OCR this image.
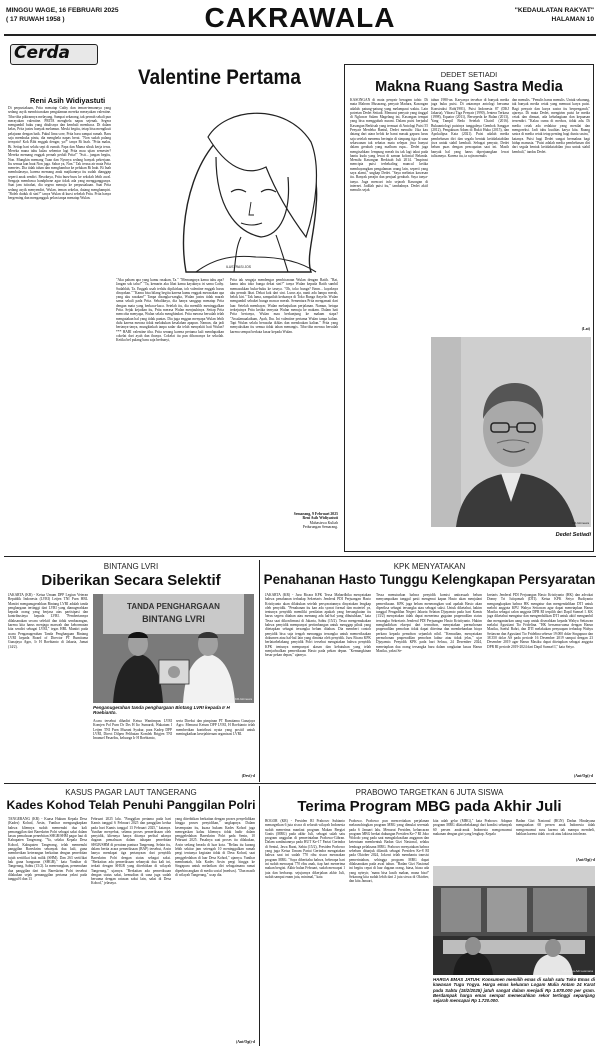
MINGGU WAGE, 16 FEBRUARI 2025
( 17 RUWAH 1958 )	CAKRAWALA	"KEDAULATAN RAKYAT"
HALAMAN 10
Cerda
Valentine Pertama
Reni Asih Widiyastuti
Di perpustakaan, Prita menatap Cathy dan teman-temannya yang sedang asyik membicarakan pengalaman mereka merayakan valentine. Tiba-tiba pikirannya melayang. Sampai sekarang, tak pernah sekali pun merayakan valentine. PRITA menghela napas sejenak. Segera mengambil buku yang ditulisnya dan kembali membaca. Di dalam kelas, Prita justru banyak melamun. Meski begitu, tetap bisa mengikuti pelajaran dengan baik. Pukul lima sore, Prita baru sampai rumah. Baru saja membuka pintu, dia menghela napas berat. "Non sudah pulang ternyata? Kok Bibi enggak dengar, ya?" tanya Bi Inah. "Prita malas, Bi. Setiap hari selalu sepi di rumah. Papa dan Mama sibuk kerja terus. Mereka mana tahu kalau sebentar lagi Prita mau ujian semester? Mereka memang enggak pernah peduli Prita!" "Sstt... jangan begitu, Non. Mungkin memang Tuan dan Nyonya sedang banyak pekerjaan. Itu semua kan buat Non juga. Sabar ya, Non." Tak terasa air mata Prita menetes. Dia tidak tahan dan menghambur ke pelukan Bi Inah. Bi Inah membalasnya, karena memang anak majikannya itu sudah dianggap seperti anak sendiri. Besoknya, Prita buru-buru ke sekolah lebih awal. Sengaja membawa handphone agar tidak ada yang mengganggunya. Saat jam istirahat, dia segera menuju ke perpustakaan. Saat Prita sedang asyik menyendiri, Wulan, teman sekelas, datang menghampiri. "Boleh duduk di sini?" tanya Wulan di kursi sebelah Prita. Prita hanya bergeming dan mengangguk pelan tanpa menatap Wulan.
ILUSTRASI JOS
"Aku paham apa yang kamu rasakan, Ta." "Memangnya kamu tahu apa? Jangan sok tahu!" "Ta, kemarin aku lihat kamu kayaknya iri sama Cathy. Sudahlah, Ta. Enggak usah terlalu dipikirkan, toh valentine enggak harus dirayakan." "Kamu bisa bilang begitu karena kamu enggak merasakan apa yang aku rasakan!" Tanpa disangka-sangka, Wulan justru tidak marah sama sekali pada Prita. Sebaliknya, dia hanya sanggup menatap Prita dengan mata yang berkaca-kaca. Setelah itu, dia memilih meninggalkan Prita. Sejak kejadian itu, Prita merasa Wulan menjauhinya. Setiap Prita mencoba menyapa, Wulan selalu menghindari. Prita merasa bersalah telah mengatakan hal yang tidak pantas. Dia juga enggan menyapa Wulan lebih dulu karena merasa tidak melakukan kesalahan apapun. Namun, dia jadi bertanya-tanya, mungkinkah tanpa sadar dia telah menyakiti hati Wulan? *** HARI valentine tiba. Prita senang karena pertama kali mendapatkan cokelat dari ayah dan ibunya. Cokelat itu pun dibawanya ke sekolah. Ketika bel pulang baru saja berbunyi,
Prita tak sengaja mendengar pembicaraan Wulan dengan Ratih. "Rat, kamu tahu toko bunga dekat sini?" tanya Wulan kepada Ratih sambil memasukkan buku-buku ke tasnya. "Oh, toko bunga? Emm... kayaknya aku pernah lihat. Dekat kok dari sini. Lurus aja, nanti ada lampu merah, belok kiri." Tak lama, sampailah keduanya di Toko Bunga Anyelir. Wulan mengambil sebuket bunga mawar merah. Sementara Prita mengamati dari luar. Setelah membayar, Wulan melanjutkan perjalanan. Namun, betapa terkejutnya Prita ketika ternyata Wulan menuju ke makam. Dalam hati Prita bertanya, Wulan mau berkunjung ke makam siapa? "Assalamualaikum, Ayah, Ibu. Ini valentine pertama Wulan tanpa kalian. Tapi Wulan selalu berusaha ikhlas dan mendoakan kalian." Prita yang menyaksikan itu semua tidak tahan menangis. Tiba-tiba merasa bersalah karena sempat berkata kasar kepada Wulan.
Semarang, 9 Februari 2025
Reni Asih Widiyastuti
Mahasiswa Kuliah
Pedurungan Semarang.
DEDET SETIADI
Makna Ruang Sastra Media
KASONGAN di mata penyair beragam tafsir. Di mata Malrom Musarang, penyair Madura, Kasongan adalah: patung-patung yang melampaui waktu. Lain potretan Dedet Setiadi. Menurut penyair yang tinggal di Ngluwar Salam Magelang ini, Kasongan tempat yang bisa menggubah nurani. Dalam puisi berjudul Kasongan Berkisah yang termuat di Antologi Puisi 55 Penyair Merdeka Bantul, Dedet menulis: Jika kau datang dari utara belok ke barat masuk gapura lurus saja setelah menemu beringin di simpang tiga di sana sekawanan tak sebatas mata selepas jiwa hanyut dalam gerabah yang mafhum rupa... Dedet juga mengisahkan: lempung merah itu tak lagi takut pada hantu kuda yang lewat di zaman kolonial Belanda. Memilu Kasongan Berkisah Juli 2014. "Inspirasi mencipta puisi terbekaling muncul ketika membayangkan pengalaman orang lain, seperti yang saya alami," ungkap Dedet. "Saya melintas kawasan itu. Banyak perajin dan penjual gerabah. Saya tanya-tanya. Juga mencari info sejarah Kasongan di internet. Jadilah puisi itu," tambahnya. Dedet aktif menulis sejak
tahun 1980-an. Karyanya tersebar di banyak media juga buku puisi. Di antaranya antologi bersama Konstruksi Roh(1981), Puisi Indonesia 87 (DKJ Jakarta), Vibrasi Tiga Penyair (1990), Jentera Terkasa (1998), Equator (2011), Bersepeda ke Bulan (2013), Yang Tampil Beda Setelah Chairil (2016). Bukuantologi puisinya tunggalnya Gembok Sanggar (2012), Pengakuan Adam di Bukit Huka (2015), dan Apokalipsa Kata (2021). Puisi adalah media pembebasan diri dan segala bentuk ketidakstabilan jiwa untuk stabil kembali. Sebagai penyair, Dedet belum puas dengan pencapaian saat ini. Masih banyak hal yang harus diperjuangkan lewat tulisannya. Karena itu, ia rajin menulis
dan menulis. "Penulis harus menulis. Untuk sekarang, tak banyak media cetak yang memuat karya puisi. Bagi penyair dan karya sastra itu berpengaruh," ujarnya. Di mata Dedet, mengirim puisi ke media cetak dan dimuat, ada kebahagiaan dan kepuasan tersendiri. "Kalau cuma di medsos, tidak ada. Di media cetak ada redaktur yang menilai dan mengoreksi. Jadi tahu kualitas karya kita. Ruang sastra di media cetak tetap penting bagi dunia sastra," katanya. Puisi bagi Dedet sangat bermakna bagi hidup manusia. "Puisi adalah media pembebasan diri dari segala bentuk ketidakstabilan jiwa untuk stabil kembali," tandas Dedet.
(Lat)
KR-Istimewa
Dedet Setiadi
BINTANG LVRI
Diberikan Secara Selektif
JAKARTA (KR) - Ketua Umum DPP Legiun Veteran Republik Indonesia (LVRI) Letjen TNI Purn HBL Mantiri menganugerahkan Bintang LVRI adalah tanda penghargaan tertinggi dari LVRI yang dianugerahkan kepada orang yang berjasa atas partisipasi dan kontribusinya kepada LVRI. "Pemberiannya dilaksanakan secara selektif dan tidak sembarangan, karena kita harus menjaga marwah dan kehormatan kita sendiri sebagai LVRI," tegas HBL Mantiri pada acara Penganugerahan Tanda Penghargaan Bintang LVRI kepada Board of Director PT Bumitama Gunajaya Agro, Ir H Roebianto di Jakarta, Jumat (14/2).
TANDA PENGHARGAAN
BINTANG LVRI
KR-Istimewa
Penganugerahan tanda penghargaan Bintang LVRI kepada Ir H Roebianto.
Acara tersebut dihadiri Ketua Wantimpus LVRI Komjen Pol Purn Dr Drs H Ito Sumardi, Wakatum I Letjen TNI Purn Muzani Syukur, para Kadep DPP LVRI, Direct Dilpen Pelibatan Komlek Brigjen TNI Imanuel Pasaribu, keluarga Ir H Roebianto,
serta Direksi dan pimpinan PT Bumitama Gunajaya Agro. Menurut Ketum DPP LVRI, H Roebianto telah memberikan kontribusi nyata yang positif untuk meningkatkan kesejahteraan organisasi LVRI.
(Devi)-d
KPK MENYATAKAN
Penahanan Hasto Tunggu Kelengkapan Persyaratan
JAKARTA (KR) - Juru Bicara KPK Tessa Mahardhika menyatakan bahwa penahanan terhadap Sekretaris Jenderal PDI Perjuangan Hasto Kristiyanto akan dilakukan setelah persyaratannya dinyatakan lengkap oleh penyidik. "Penahanan itu kan ada syarat formal dan materiel ya, tentunya penyidik memiliki penilaian apakah yang bersangkutan itu harus segera ditahan atau memang ada hal-hal yang dibutuhkan," kata Tessa saat dikonfirmasi di Jakarta, Sabtu (15/2). Tessa mengemukakan bahwa penyidik mempunyai pertimbangan untuk menggap pihak yang ditetapkan sebagai tersangka belum ditahan. Dia memberi contoh penyidik bisa saja tengah menunggu tersangka untuk memeriksakan dokumen atau hal-hal lain yang diminta oleh penyidik. Juru Bicara KPK berlatarbelakang penyidik Polri tersebut mengatakan bahwa penyidik KPK tentunya mempunyai alasan dan kebutuhan yang telah menjadwalkan pemeriksaan Hasto pada pekan depan. "Kemungkinan besar pekan depan," ujarnya.
Tessa menuturkan bahwa penyidik komisi antirasuah belum menyampaikan tanggal pasti mengenai kapan Hasto akan menjalani pemeriksaan. KPK juga belum menerangkan soal apakah Hasto akan diperiksa sebagai tersangka atau sebagai saksi. Untuk diketahui, hakim tunggal Pengadilan Negeri Jakarta Selatan Djuyamto pada hari Kamis (13/2) menyatakan tidak dapat menerima gugatan praperadilan status tersangka Sekretaris Jenderal PDI Perjuangan Hasto Kristiyanto. Hakim menghadirkan eksepsi dari termohon, menyatakan permohonan praperadilan pemohon tidak dapat diterima dan membebankan biaya perkara kepada pemohon sejumlah nihil. "Kemudian, menyatakan permohonan praperadilan pemohon kabur atau tidak jelas," ujar Djuyamto. Penyidik KPK pada hari Selasa, 24 Desember 2024, menetapkan dua orang tersangka baru dalam rangkaian kasus Harun Masiku, yakni Se-
kretaris Jenderal PDI Perjuangan Hasto Kristiyanto (HK) dan advokat Donny Tri Istiqomah (DTI). Ketua KPK Setyo Budiyanto mengungkapkan bahwa HK mengatur dan mengendalikan DTI untuk melobi anggota KPU Wahyu Setiawan agar dapat menetapkan Harun Masiku sebagai calon anggota DPR RI terpilih dari Dapil Sumsel I. KK juga diketahui mengatur dan mengendalikan DTI untuk aktif mengambil dan mengantarkan uang suap untuk diserahkan kepada Wahyu Setiawan melalui Agustiani Tio Fridelina. "HK bersama-sama dengan Harun Masiku, Saeful Bahri, dan DTI melakukan penyuapan terhadap Wahyu Setiawan dan Agustiani Tio Fridelina sebesar 19.000 dolar Singapura dan 38.350 dolar AS pada periode 16 Desember 2019 sampai dengan 23 Desember 2019 agar Harun Masiku dapat ditetapkan sebagai anggota DPR RI periode 2019-2024 dari Dapil Sumsel I," kata Setyo.
(Ant/Ogi)-d
KASUS PAGAR LAUT TANGERANG
Kades Kohod Telah Penuhi Panggilan Polri
TANGERANG (KR) - Kuasa Hukum Kepala Desa (Kades) Kohod, Arsin, Yunihar mengungkapkan bahwa kliennya sudah memenuhi dua kali pemanggilan dari Bareskrim Polri sebagai saksi dalam kasus pemalsuan penerbitan SHGB/SHM pagar laut di Kabupaten Tangerang. "Ya, selaku Kepala Desa Kohod, Kabupaten Tangerang, telah memenuhi panggilan Bareskrim sebanyak dua kali, guna memberikan keterangan berkaitan dengan penerbitan tujuh sertifikat hak milik (SHM). Dan 263 sertifikat hak guna bangunan (SHGB)," kata Yunihar di Tangerang, Sabtu (15/2). Ia menerangkan, pemenuhan dua panggilan dari tim Bareskrim Polri tersebut dilakukan sejak pemanggilan pertama yakni pada tanggal 6 dan 13
Februari 2025 lalu. "Panggilan pertama pada hari Kamis tanggal 6 Februari 2025 dan panggilan kedua pada hari Kamis tanggal 13 Februari 2025," katanya. Yunihar menyebut, selama proses pemeriksaan oleh penyidik, kliennya hanya ditanya perihal adanya dugaan pemalsuan dalam tahapan penerbitan SHGB/SHM di perairan pantura Tangerang. Selain itu, dalam berita acara pemeriksaan (BAP) tersebut, Arsin hanya mendapat tiga pertanyaan dari penyidik Bareskrim Polri dengan status sebagai saksi. "Berkaitan ada pemeriksaan sebanyak dua kali ini, terkait dengan SHGB yang diterbitkan di wilayah Tangerang," ujarnya. "Berkaitan ada pemeriksaan dengan status saksi, kemudian di sana juga sudah bersama dengan ratusan saksi lain, saksi di Desa Kohod," jelasnya.
yang diterbitkan berkaitan dengan proses penyelidikan hingga proses penyidikan," ungkapnya. Dalam kesempatan itu, kuasa hukum Kades Kohod juga menegaskan kalau kliennya tidak hadir dalam penggeledahan Bareskrim Polri pada Senin, 10 Februari 2025. Pasalnya saat proses itu dilakukan, Arsin sedang berada di luar kota. "Beliau itu kurang lebih sekitar jam setengah 10 meninggalkan rumah pergi tentunya kegiatan tidak di Desa Kohod, saat penggeledahan di luar Desa Kohod," ujarnya. Yunihar membantah, bila Kades Arsin pergi hingga ke Singapura untuk melarikan diri sebagaimana ramai diperbincangkan di media sosial (medsos). "Dan masih di wilayah Tangerang," ucap dia.
(Ant/Ogi)-d
PRABOWO TARGETKAN 6 JUTA SISWA
Terima Program MBG pada Akhir Juli
BOGOR (KR) - Presiden RI Prabowo Subianto menargetkan 6 juta siswa di seluruh wilayah Indonesia sudah menerima manfaat program Makan Bergizi Gratis (MBG) pada akhir Juli, sebagai salah satu program unggulan di pemerintahan Prabowo-Gibran. Dalam sambutannya pada HUT Ke-17 Partai Gerindra di Sentul, Jawa Barat, Sabtu (15/2), Presiden Prabowo yang juga Ketua Umum Partai Gerindra mengatakan bahwa saat ini sudah 770 ribu siswa merasakan program MBG. "Saya diberitahu bahwa, beberapa hari ini sudah mencapai 770 ribu anak, tiap hari menerima makan bergizi. Akhir bulan Februari, sudah mencapai 1 juta dan berharap. sejujurnya dikerjakan akhir Juli, sudah sampai enam juta, minimal," kata
Prabowo. Prabowo pun menceritakan perjalanan melaunchingkan program MBG yang dimulai serentak pada 6 Januari lalu. Menurut Presiden, kelancaran program MBG berkat dukungan Presiden Ke-7 RI Joko Widodo yang pada saat mengalokasikan anggaran dan ketentuan membentuk Badan Gizi Nasional, selaku lembaga pelaksana MBG. Prabowo menyatakan bahwa sebelum ditunjuk dilantik sebagai Presiden Ke-8 RI pada Oktober 2024, Jokowi telah membantu transisi pemerintahan, sehingga program MBG dapat dilaksanakan pada awal tahun. "Badan Gizi Nasional ini begitu cepat di luar dugaan orang, biasa, biasa ada yang nyinyir, 'mana bisa kasih makan, mana bisa?' Sekarang kita sudah lebih dari 2 juta siswa di Oktober, dan kita Januari,
kita udah gelar (MBG)," kata Prabowo. Adapun program MBG dilatarbelakangi dari kondisi sebanyak 60 persen anak-anak Indonesia mengonsumsi makanan dengan gizi yang lengkap. Kepala
Badan Gizi Nasional (BGN) Dadan Hindayana mengatakan 60 persen anak Indonesia tidak mengonsumsi susu karena tak mampu membeli, bahkan karena tidak cocok atau laktosa intoleran.
(Ant/Ogi)-d
KR-Surya Adi Lesmana
HARGA EMAS JATUH: Konsumen memilih emas di salah satu Toko Emas di kawasan Tugu Yogya. Harga emas keluaran Logam Mulia Antam 24 Karat pada Sabtu (15/2/2025) jatuh sangat dalam menjadi Rp 1.678.000 per gram. Berdampak harga emas sempat memecahkan rekor tertinggi sepanjang sejarah mencapai Rp 1.720.000.
